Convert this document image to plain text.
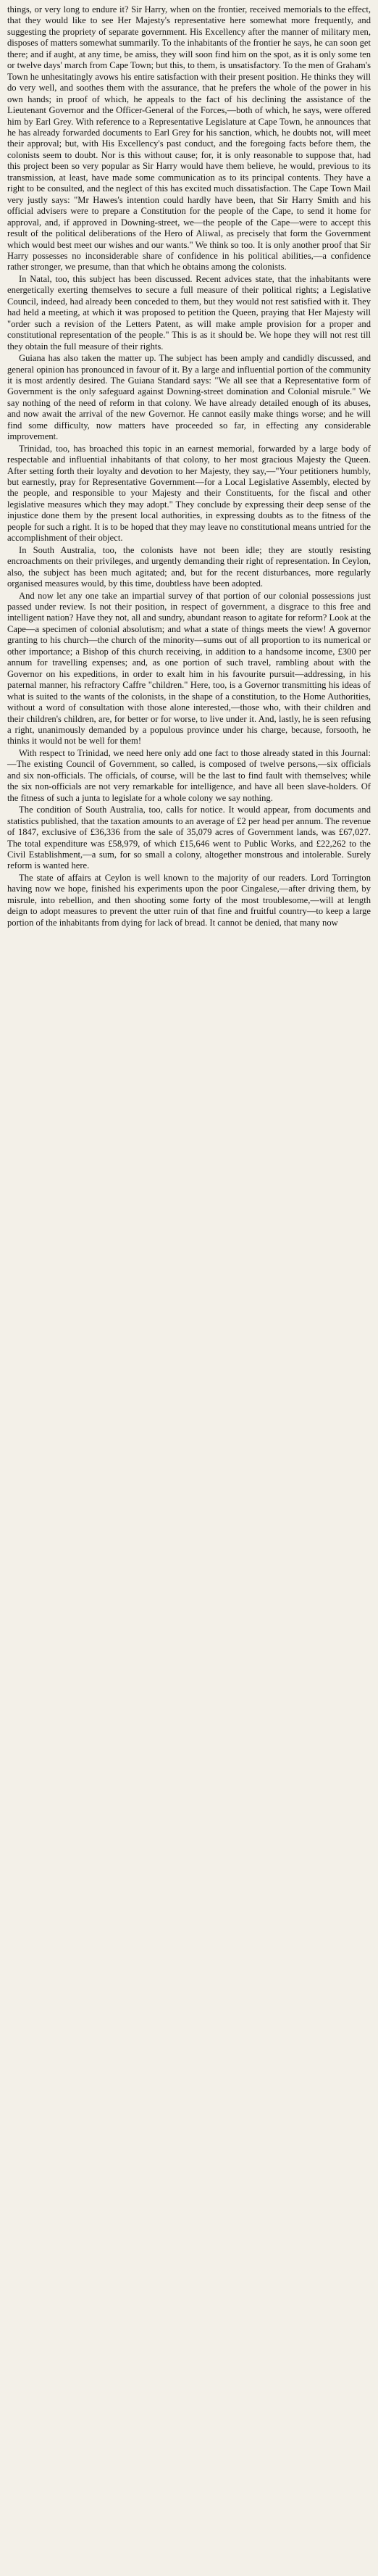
things, or very long to endure it? Sir Harry, when on the frontier, received memorials to the effect, that they would like to see Her Majesty's representative here somewhat more frequently, and suggesting the propriety of separate government. His Excellency after the manner of military men, disposes of matters somewhat summarily. To the inhabitants of the frontier he says, he can soon get there; and if aught, at any time, be amiss, they will soon find him on the spot, as it is only some ten or twelve days' march from Cape Town; but this, to them, is unsatisfactory. To the men of Graham's Town he unhesitatingly avows his entire satisfaction with their present position. He thinks they will do very well, and soothes them with the assurance, that he prefers the whole of the power in his own hands; in proof of which, he appeals to the fact of his declining the assistance of the Lieutenant Governor and the Officer-General of the Forces,—both of which, he says, were offered him by Earl Grey. With reference to a Representative Legislature at Cape Town, he announces that he has already forwarded documents to Earl Grey for his sanction, which, he doubts not, will meet their approval; but, with His Excellency's past conduct, and the foregoing facts before them, the colonists seem to doubt. Nor is this without cause; for, it is only reasonable to suppose that, had this project been so very popular as Sir Harry would have them believe, he would, previous to its transmission, at least, have made some communication as to its principal contents. They have a right to be consulted, and the neglect of this has excited much dissatisfaction. The Cape Town Mail very justly says: "Mr Hawes's intention could hardly have been, that Sir Harry Smith and his official advisers were to prepare a Constitution for the people of the Cape, to send it home for approval, and, if approved in Downing-street, we—the people of the Cape—were to accept this result of the political deliberations of the Hero of Aliwal, as precisely that form the Government which would best meet our wishes and our wants." We think so too. It is only another proof that Sir Harry possesses no inconsiderable share of confidence in his political abilities,—a confidence rather stronger, we presume, than that which he obtains among the colonists.

In Natal, too, this subject has been discussed. Recent advices state, that the inhabitants were energetically exerting themselves to secure a full measure of their political rights; a Legislative Council, indeed, had already been conceded to them, but they would not rest satisfied with it. They had held a meeting, at which it was proposed to petition the Queen, praying that Her Majesty will "order such a revision of the Letters Patent, as will make ample provision for a proper and constitutional representation of the people." This is as it should be. We hope they will not rest till they obtain the full measure of their rights.

Guiana has also taken the matter up. The subject has been amply and candidly discussed, and general opinion has pronounced in favour of it. By a large and influential portion of the community it is most ardently desired. The Guiana Standard says: "We all see that a Representative form of Government is the only safeguard against Downing-street domination and Colonial misrule." We say nothing of the need of reform in that colony. We have already detailed enough of its abuses, and now await the arrival of the new Governor. He cannot easily make things worse; and he will find some difficulty, now matters have proceeded so far, in effecting any considerable improvement.

Trinidad, too, has broached this topic in an earnest memorial, forwarded by a large body of respectable and influential inhabitants of that colony, to her most gracious Majesty the Queen. After setting forth their loyalty and devotion to her Majesty, they say,—"Your petitioners humbly, but earnestly, pray for Representative Government—for a Local Legislative Assembly, elected by the people, and responsible to your Majesty and their Constituents, for the fiscal and other legislative measures which they may adopt." They conclude by expressing their deep sense of the injustice done them by the present local authorities, in expressing doubts as to the fitness of the people for such a right. It is to be hoped that they may leave no constitutional means untried for the accomplishment of their object.

In South Australia, too, the colonists have not been idle; they are stoutly resisting encroachments on their privileges, and urgently demanding their right of representation. In Ceylon, also, the subject has been much agitated; and, but for the recent disturbances, more regularly organised measures would, by this time, doubtless have been adopted.

And now let any one take an impartial survey of that portion of our colonial possessions just passed under review. Is not their position, in respect of government, a disgrace to this free and intelligent nation? Have they not, all and sundry, abundant reason to agitate for reform? Look at the Cape—a specimen of colonial absolutism; and what a state of things meets the view! A governor granting to his church—the church of the minority—sums out of all proportion to its numerical or other importance; a Bishop of this church receiving, in addition to a handsome income, £300 per annum for travelling expenses; and, as one portion of such travel, rambling about with the Governor on his expeditions, in order to exalt him in his favourite pursuit—addressing, in his paternal manner, his refractory Caffre "children." Here, too, is a Governor transmitting his ideas of what is suited to the wants of the colonists, in the shape of a constitution, to the Home Authorities, without a word of consultation with those alone interested,—those who, with their children and their children's children, are, for better or for worse, to live under it. And, lastly, he is seen refusing a right, unanimously demanded by a populous province under his charge, because, forsooth, he thinks it would not be well for them!

With respect to Trinidad, we need here only add one fact to those already stated in this Journal:—The existing Council of Government, so called, is composed of twelve persons,—six officials and six non-officials. The officials, of course, will be the last to find fault with themselves; while the six non-officials are not very remarkable for intelligence, and have all been slave-holders. Of the fitness of such a junta to legislate for a whole colony we say nothing.

The condition of South Australia, too, calls for notice. It would appear, from documents and statistics published, that the taxation amounts to an average of £2 per head per annum. The revenue of 1847, exclusive of £36,336 from the sale of 35,079 acres of Government lands, was £67,027. The total expenditure was £58,979, of which £15,646 went to Public Works, and £22,262 to the Civil Establishment,—a sum, for so small a colony, altogether monstrous and intolerable. Surely reform is wanted here.

The state of affairs at Ceylon is well known to the majority of our readers. Lord Torrington having now we hope, finished his experiments upon the poor Cingalese,—after driving them, by misrule, into rebellion, and then shooting some forty of the most troublesome,—will at length deign to adopt measures to prevent the utter ruin of that fine and fruitful country—to keep a large portion of the inhabitants from dying for lack of bread. It cannot be denied, that many now
